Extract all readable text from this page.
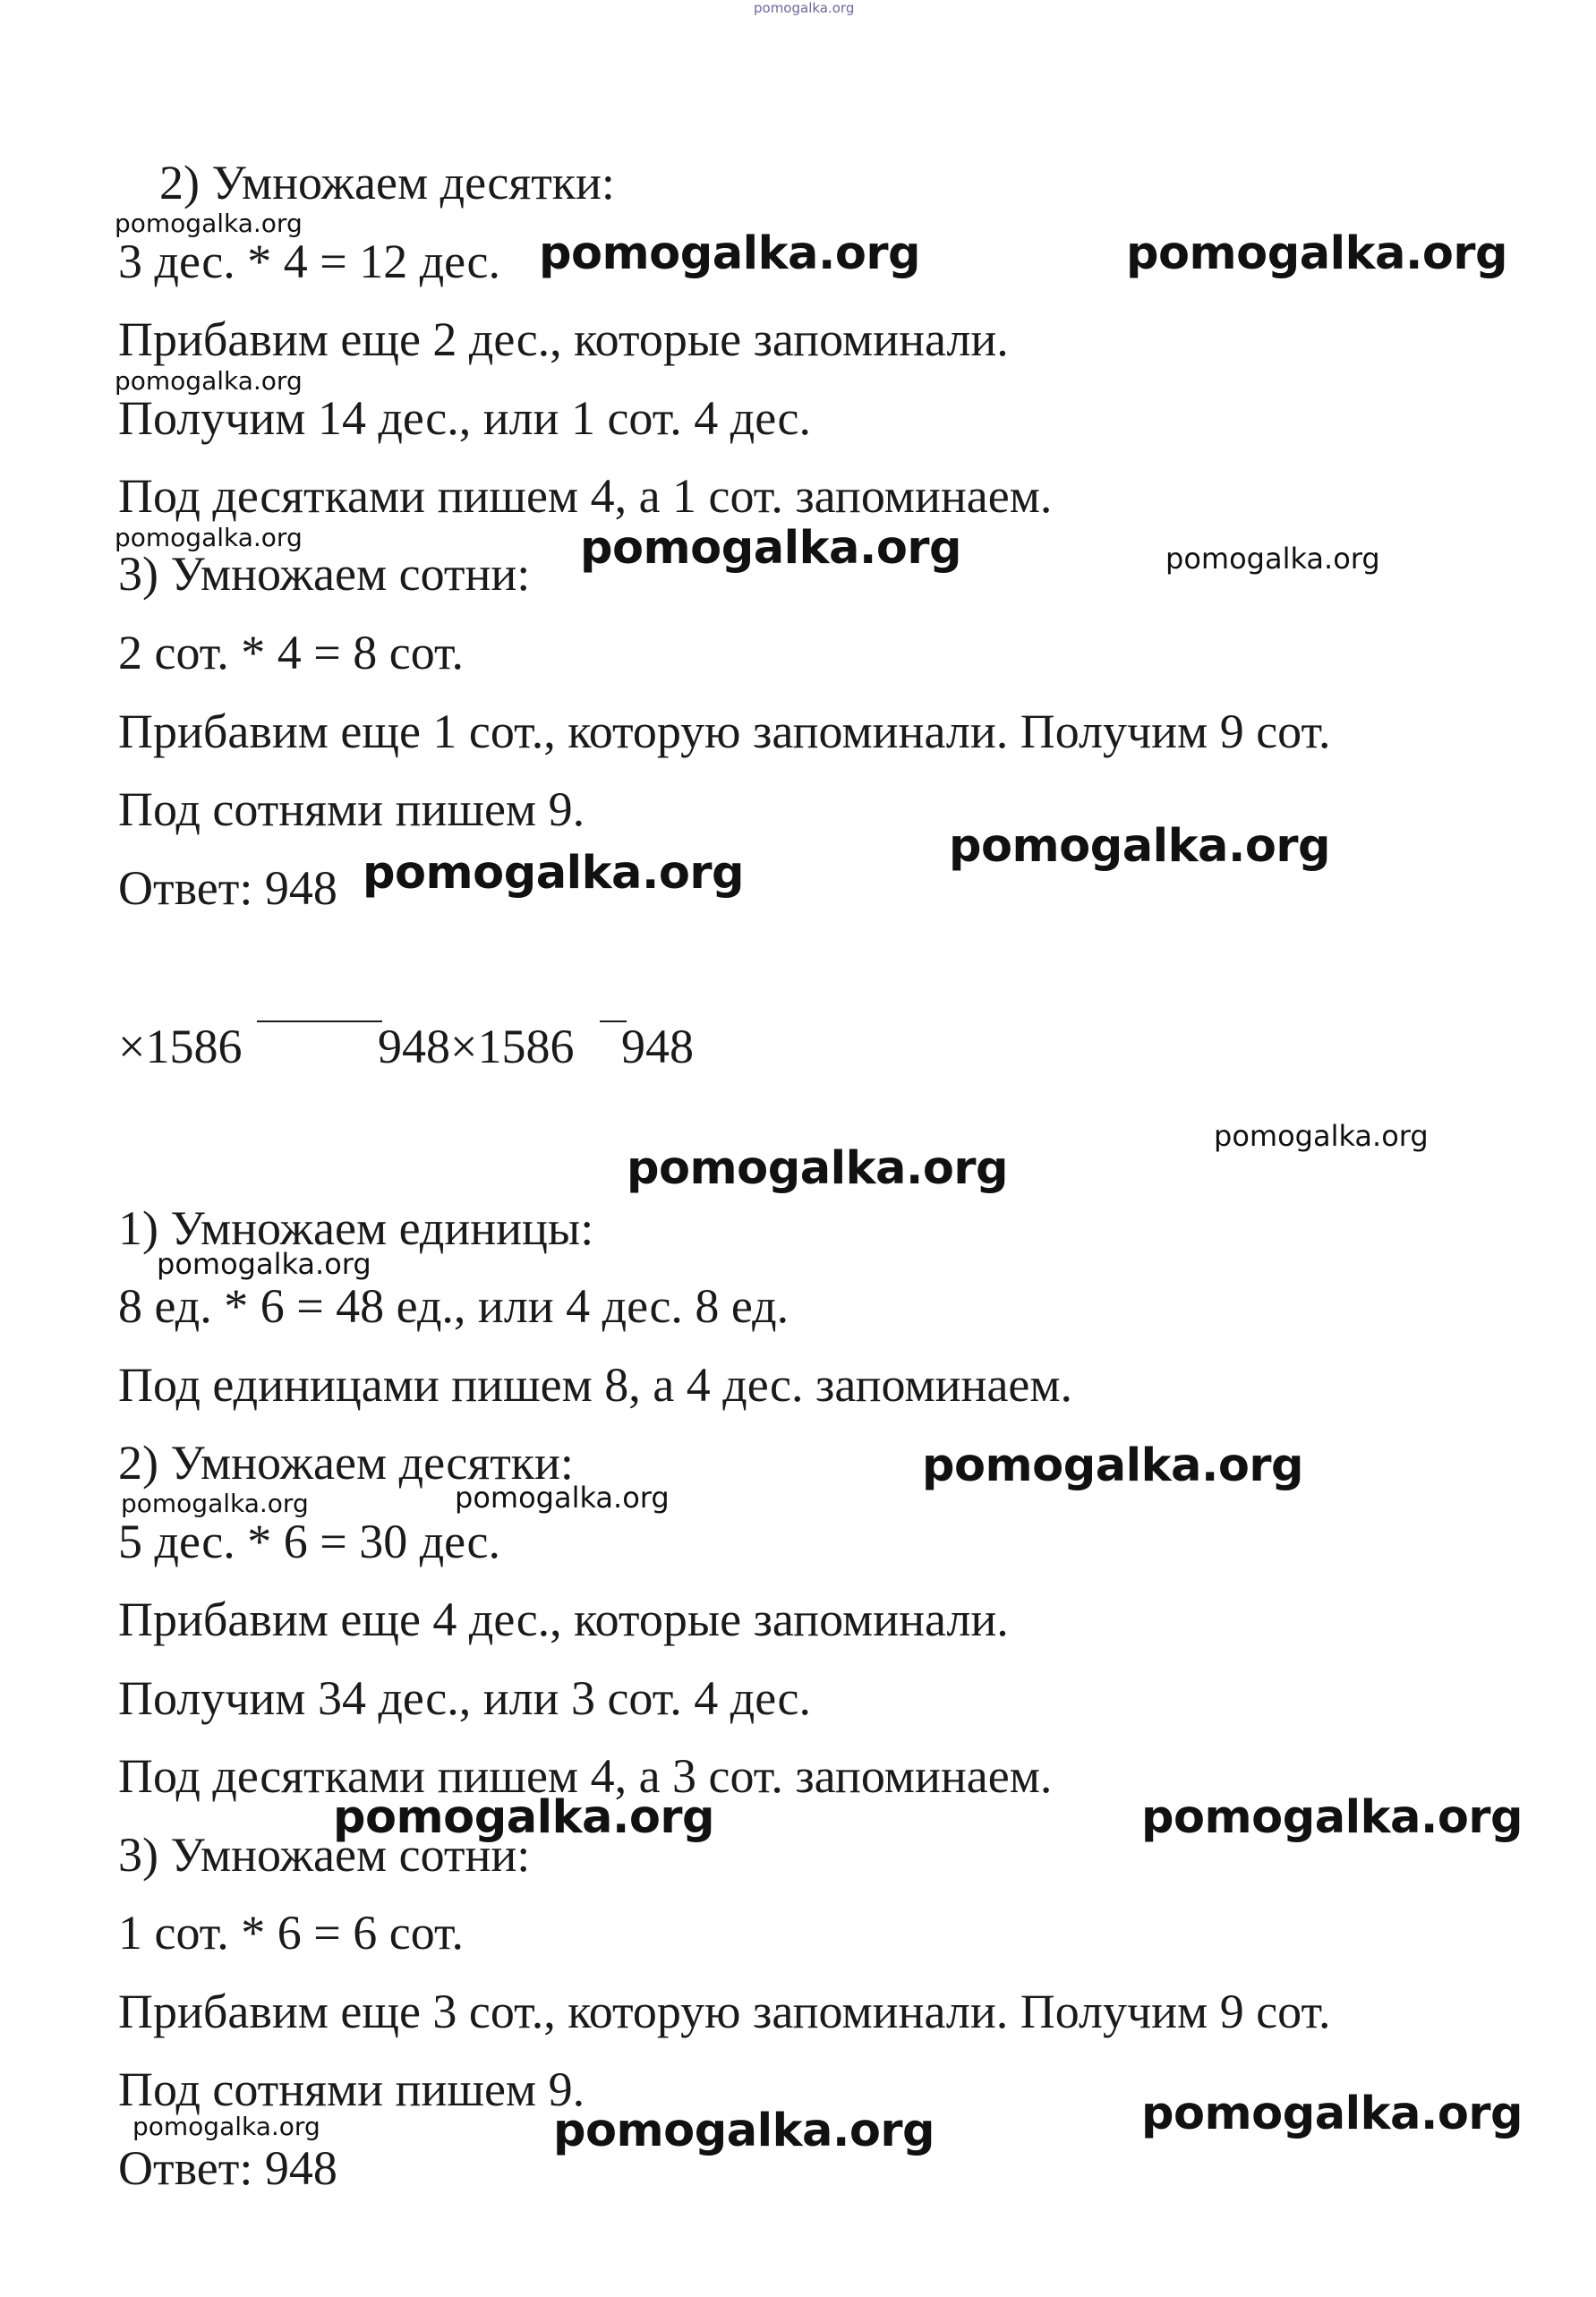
pomogalka.org
2) Умножаем десятки:
3 дес. * 4 = 12 дес.
Прибавим еще 2 дес., которые запоминали.
Получим 14 дес., или 1 сот. 4 дес.
Под десятками пишем 4, а 1 сот. запоминаем.
3) Умножаем сотни:
2 сот. * 4 = 8 сот.
Прибавим еще 1 сот., которую запоминали. Получим 9 сот.
Под сотнями пишем 9.
Ответ: 948
×1586	948×1586 948
1) Умножаем единицы:
8 ед. * 6 = 48 ед., или 4 дес. 8 ед.
Под единицами пишем 8, а 4 дес. запоминаем.
2) Умножаем десятки:
5 дес. * 6 = 30 дес.
Прибавим еще 4 дес., которые запоминали.
Получим 34 дес., или 3 сот. 4 дес.
Под десятками пишем 4, а 3 сот. запоминаем.
3) Умножаем сотни:
1 сот. * 6 = 6 сот.
Прибавим еще 3 сот., которую запоминали. Получим 9 сот.
Под сотнями пишем 9.
Ответ: 948
pomogalka.org
pomogalka.org	pomogalka.org
pomogalka.org
pomogalka.org	pomogalka.org	pomogalka.org
pomogalka.org
pomogalka.org
pomogalka.org
pomogalka.org
pomogalka.org
pomogalka.org
pomogalka.org
pomogalka.org
pomogalka.org	pomogalka.org
pomogalka.org
pomogalka.org	pomogalka.org
